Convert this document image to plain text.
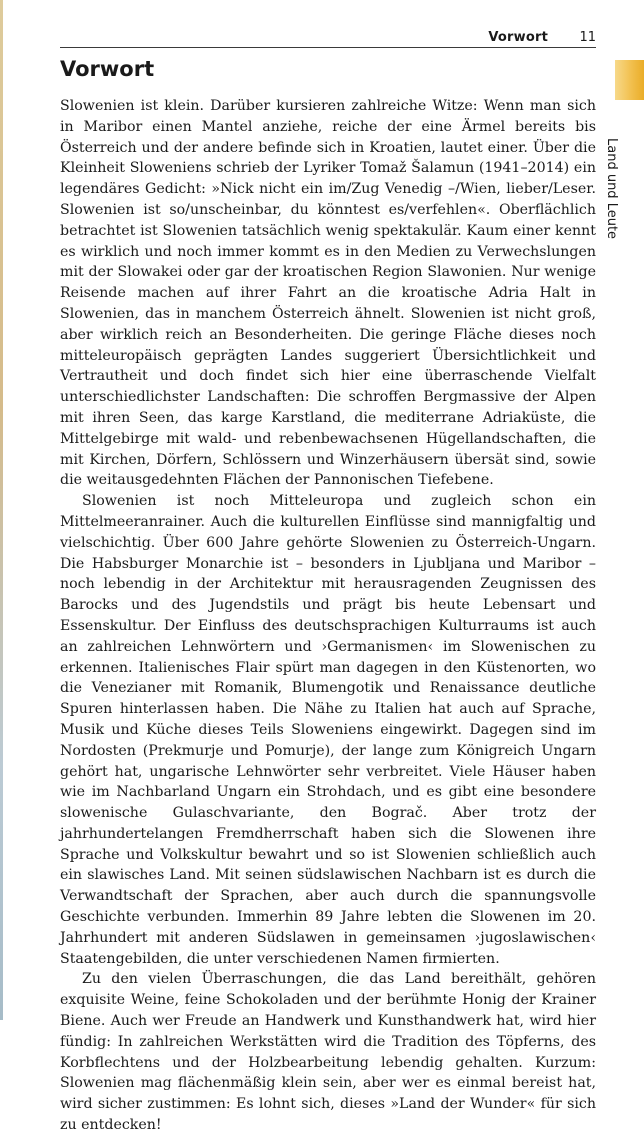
Vorwort 11
Vorwort
Land und Leute

Slowenien ist klein. Darüber kursieren zahlreiche Witze: Wenn man sich in Maribor einen Mantel anziehe, reiche der eine Ärmel bereits bis Österreich und der andere befinde sich in Kroatien, lautet einer. Über die Kleinheit Sloweniens schrieb der Lyriker Tomaž Šalamun (1941–2014) ein legendäres Gedicht: »Nick nicht ein im/Zug Venedig –/Wien, lieber/Leser. Slowenien ist so/unscheinbar, du könntest es/verfehlen«. Oberflächlich betrachtet ist Slowenien tatsächlich wenig spektakulär. Kaum einer kennt es wirklich und noch immer kommt es in den Medien zu Verwechslungen mit der Slowakei oder gar der kroatischen Region Slawonien. Nur wenige Reisende machen auf ihrer Fahrt an die kroatische Adria Halt in Slowenien, das in manchem Österreich ähnelt. Slowenien ist nicht groß, aber wirklich reich an Besonderheiten. Die geringe Fläche dieses noch mitteleuropäisch geprägten Landes suggeriert Übersichtlichkeit und Vertrautheit und doch findet sich hier eine überraschende Vielfalt unterschiedlichster Landschaften: Die schroffen Bergmassive der Alpen mit ihren Seen, das karge Karstland, die mediterrane Adriaküste, die Mittelgebirge mit wald- und rebenbewachsenen Hügellandschaften, die mit Kirchen, Dörfern, Schlössern und Winzerhäusern übersät sind, sowie die weitausgedehnten Flächen der Pannonischen Tiefebene.

Slowenien ist noch Mitteleuropa und zugleich schon ein Mittelmeeranrainer. Auch die kulturellen Einflüsse sind mannigfaltig und vielschichtig. Über 600 Jahre gehörte Slowenien zu Österreich-Ungarn. Die Habsburger Monarchie ist – besonders in Ljubljana und Maribor – noch lebendig in der Architektur mit herausragenden Zeugnissen des Barocks und des Jugendstils und prägt bis heute Lebensart und Essenskultur. Der Einfluss des deutschsprachigen Kulturraums ist auch an zahlreichen Lehnwörtern und ›Germanismen‹ im Slowenischen zu erkennen. Italienisches Flair spürt man dagegen in den Küstenorten, wo die Venezianer mit Romanik, Blumengotik und Renaissance deutliche Spuren hinterlassen haben. Die Nähe zu Italien hat auch auf Sprache, Musik und Küche dieses Teils Sloweniens eingewirkt. Dagegen sind im Nordosten (Prekmurje und Pomurje), der lange zum Königreich Ungarn gehört hat, ungarische Lehnwörter sehr verbreitet. Viele Häuser haben wie im Nachbarland Ungarn ein Strohdach, und es gibt eine besondere slowenische Gulaschvariante, den Bograč. Aber trotz der jahrhundertelangen Fremdherrschaft haben sich die Slowenen ihre Sprache und Volkskultur bewahrt und so ist Slowenien schließlich auch ein slawisches Land. Mit seinen südslawischen Nachbarn ist es durch die Verwandtschaft der Sprachen, aber auch durch die spannungsvolle Geschichte verbunden. Immerhin 89 Jahre lebten die Slowenen im 20. Jahrhundert mit anderen Südslawen in gemeinsamen ›jugoslawischen‹ Staatengebilden, die unter verschiedenen Namen firmierten.

Zu den vielen Überraschungen, die das Land bereithält, gehören exquisite Weine, feine Schokoladen und der berühmte Honig der Krainer Biene. Auch wer Freude an Handwerk und Kunsthandwerk hat, wird hier fündig: In zahlreichen Werkstätten wird die Tradition des Töpferns, des Korbflechtens und der Holzbearbeitung lebendig gehalten. Kurzum: Slowenien mag flächenmäßig klein sein, aber wer es einmal bereist hat, wird sicher zustimmen: Es lohnt sich, dieses »Land der Wunder« für sich zu entdecken!
